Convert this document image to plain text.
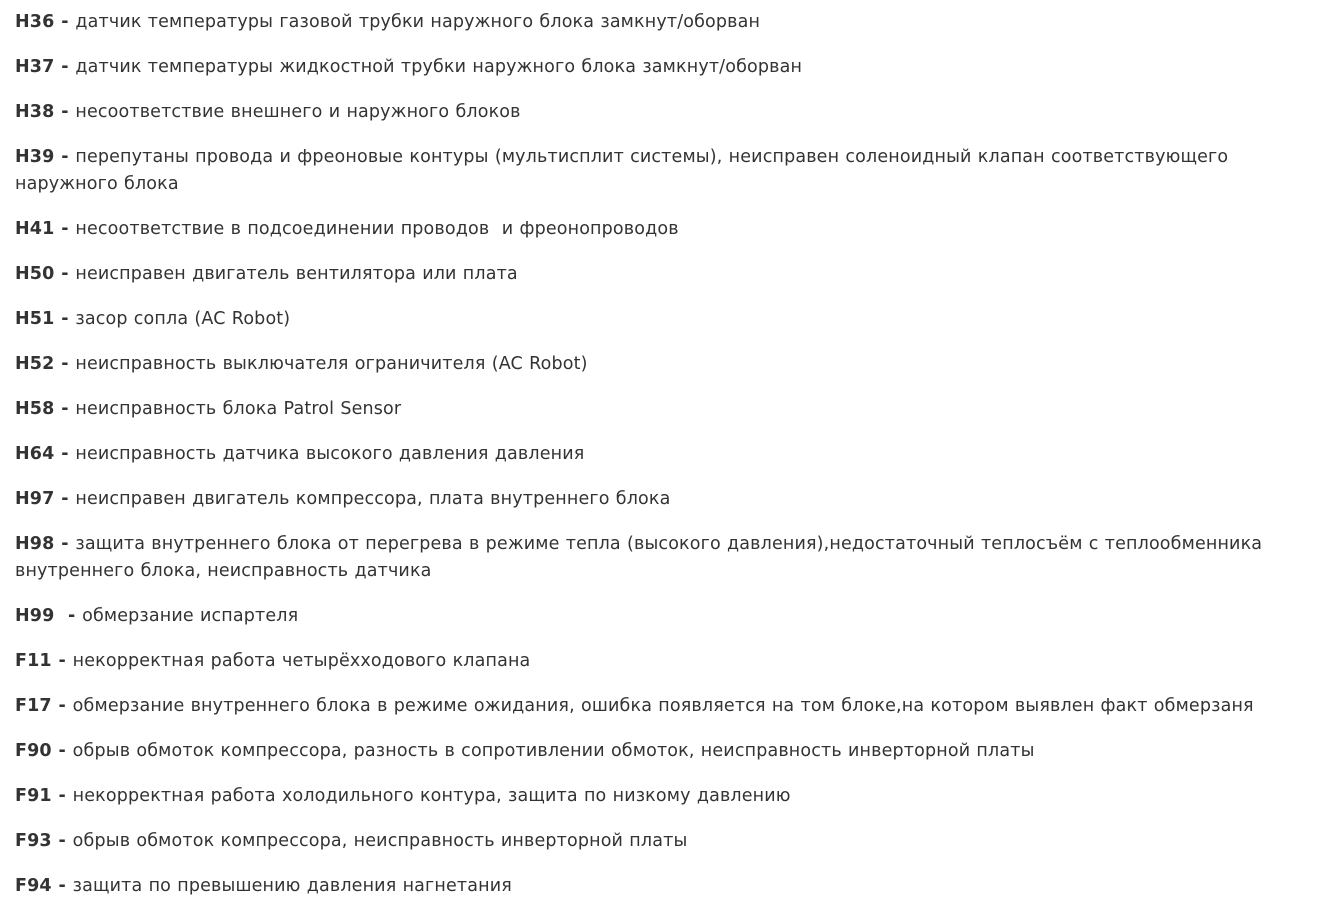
H36 - датчик температуры газовой трубки наружного блока замкнут/оборван
H37 - датчик температуры жидкостной трубки наружного блока замкнут/оборван
H38 - несоответствие внешнего и наружного блоков
H39 - перепутаны провода и фреоновые контуры (мультисплит системы), неисправен соленоидный клапан соответствующего наружного блока
H41 - несоответствие в подсоединении проводов  и фреонопроводов
H50 - неисправен двигатель вентилятора или плата
H51 - засор сопла (AC Robot)
H52 - неисправность выключателя ограничителя (AC Robot)
H58 - неисправность блока Patrol Sensor
H64 - неисправность датчика высокого давления давления
H97 - неисправен двигатель компрессора, плата внутреннего блока
H98 - защита внутреннего блока от перегрева в режиме тепла (высокого давления),недостаточный теплосъём с теплообменника внутреннего блока, неисправность датчика
H99  - обмерзание испартеля
F11 - некорректная работа четырёхходового клапана
F17 - обмерзание внутреннего блока в режиме ожидания, ошибка появляется на том блоке,на котором выявлен факт обмерзаня
F90 - обрыв обмоток компрессора, разность в сопротивлении обмоток, неисправность инверторной платы
F91 - некорректная работа холодильного контура, защита по низкому давлению
F93 - обрыв обмоток компрессора, неисправность инверторной платы
F94 - защита по превышению давления нагнетания
